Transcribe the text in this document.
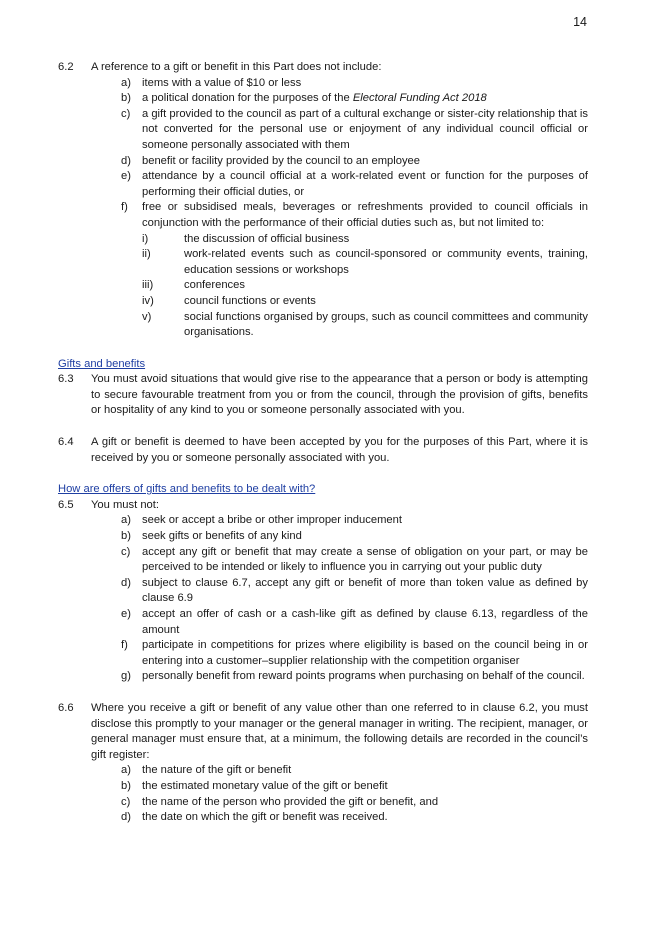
14
6.2 A reference to a gift or benefit in this Part does not include:
a) items with a value of $10 or less
b) a political donation for the purposes of the Electoral Funding Act 2018
c) a gift provided to the council as part of a cultural exchange or sister-city relationship that is not converted for the personal use or enjoyment of any individual council official or someone personally associated with them
d) benefit or facility provided by the council to an employee
e) attendance by a council official at a work-related event or function for the purposes of performing their official duties, or
f) free or subsidised meals, beverages or refreshments provided to council officials in conjunction with the performance of their official duties such as, but not limited to:
i)	the discussion of official business
ii)	work-related events such as council-sponsored or community events, training, education sessions or workshops
iii)	conferences
iv)	council functions or events
v)	social functions organised by groups, such as council committees and community organisations.
Gifts and benefits
6.3 You must avoid situations that would give rise to the appearance that a person or body is attempting to secure favourable treatment from you or from the council, through the provision of gifts, benefits or hospitality of any kind to you or someone personally associated with you.
6.4 A gift or benefit is deemed to have been accepted by you for the purposes of this Part, where it is received by you or someone personally associated with you.
How are offers of gifts and benefits to be dealt with?
6.5 You must not:
a) seek or accept a bribe or other improper inducement
b) seek gifts or benefits of any kind
c) accept any gift or benefit that may create a sense of obligation on your part, or may be perceived to be intended or likely to influence you in carrying out your public duty
d) subject to clause 6.7, accept any gift or benefit of more than token value as defined by clause 6.9
e) accept an offer of cash or a cash-like gift as defined by clause 6.13, regardless of the amount
f) participate in competitions for prizes where eligibility is based on the council being in or entering into a customer–supplier relationship with the competition organiser
g) personally benefit from reward points programs when purchasing on behalf of the council.
6.6 Where you receive a gift or benefit of any value other than one referred to in clause 6.2, you must disclose this promptly to your manager or the general manager in writing. The recipient, manager, or general manager must ensure that, at a minimum, the following details are recorded in the council’s gift register:
a) the nature of the gift or benefit
b) the estimated monetary value of the gift or benefit
c) the name of the person who provided the gift or benefit, and
d) the date on which the gift or benefit was received.
